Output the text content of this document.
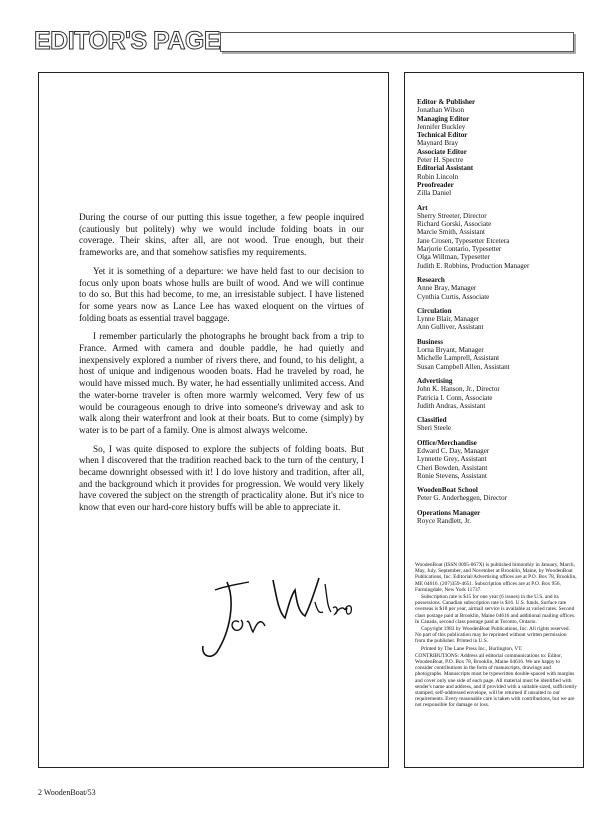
EDITOR'S PAGE

During the course of our putting this issue together, a few people inquired (cautiously but politely) why we would include folding boats in our coverage. Their skins, after all, are not wood. True enough, but their frameworks are, and that somehow satisfies my requirements.

Yet it is something of a departure: we have held fast to our decision to focus only upon boats whose hulls are built of wood. And we will continue to do so. But this had become, to me, an irresistable subject. I have listened for some years now as Lance Lee has waxed eloquent on the virtues of folding boats as essential travel baggage.

I remember particularly the photographs he brought back from a trip to France. Armed with camera and double paddle, he had quietly and inexpensively explored a number of rivers there, and found, to his delight, a host of unique and indigenous wooden boats. Had he traveled by road, he would have missed much. By water, he had essentially unlimited access. And the water-borne traveler is often more warmly welcomed. Very few of us would be courageous enough to drive into someone's driveway and ask to walk along their waterfront and look at their boats. But to come (simply) by water is to be part of a family. One is almost always welcome.

So, I was quite disposed to explore the subjects of folding boats. But when I discovered that the tradition reached back to the turn of the century, I became downright obsessed with it! I do love history and tradition, after all, and the background which it provides for progression. We would very likely have covered the subject on the strength of practicality alone. But it's nice to know that even our hard-core history buffs will be able to appreciate it.

Editor & Publisher
Jonathan Wilson
Managing Editor
Jennifer Buckley
Technical Editor
Maynard Bray
Associate Editor
Peter H. Spectre
Editorial Assistant
Robin Lincoln
Proofreader
Zilla Daniel
Art
Sherry Streeter, Director
Richard Gorski, Associate
Marcie Smith, Assistant
Jane Crosen, Typesetter Etcetera
Marjorie Contario, Typesetter
Olga Willman, Typesetter
Judith E. Robbins, Production Manager
Research
Anne Bray, Manager
Cynthia Curtis, Associate
Circulation
Lynne Blair, Manager
Ann Gulliver, Assistant
Business
Lorna Bryant, Manager
Michelle Lamprell, Assistant
Susan Campbell Allen, Assistant
Advertising
John K. Hanson, Jr., Director
Patricia I. Conn, Associate
Judith Andras, Assistant
Classified
Sheri Steele
Office/Merchandise
Edward C. Day, Manager
Lynnette Grey, Assistant
Cheri Bowden, Assistant
Ronie Stevens, Assistant
WoodenBoat School
Peter G. Anderheggen, Director
Operations Manager
Royce Randlett, Jr.

WoodenBoat (ISSN 0095-067X) is published bimonthly in January, March, May, July, September, and November at Brooklin, Maine, by WoodenBoat Publications, Inc. Editorial/Advertising offices are at P.O. Box 78, Brooklin, ME 04616. (207)359-4651. Subscription offices are at P.O. Box 956, Farmingdale, New York 11737.

Subscription rate is $15 for one year (6 issues) in the U.S. and its possessions. Canadian subscription rate is $16. U.S. funds. Surface rate overseas is $18 per year, airmail service is available at varied rates. Second class postage paid at Brooklin, Maine 04616 and additional mailing offices. In Canada, second class postage paid at Toronto, Ontario.

Copyright 1983 by WoodenBoat Publications, Inc. All rights reserved. No part of this publication may be reprinted without written permission from the publisher. Printed in U.S.

Printed by The Lane Press Inc., Burlington, VT.

CONTRIBUTIONS: Address all editorial communications to: Editor, WoodenBoat, P.O. Box 78, Brooklin, Maine 04616. We are happy to consider contributions in the form of manuscripts, drawings and photographs. Manuscripts must be typewritten double-spaced with margins and cover only one side of each page. All material must be identified with sender's name and address, and if provided with a suitable sized, sufficiently stamped, self-addressed envelope, will be returned if unsuited to our requirements. Every reasonable care is taken with contributions, but we are not responsible for damage or loss.

2 WoodenBoat/53
